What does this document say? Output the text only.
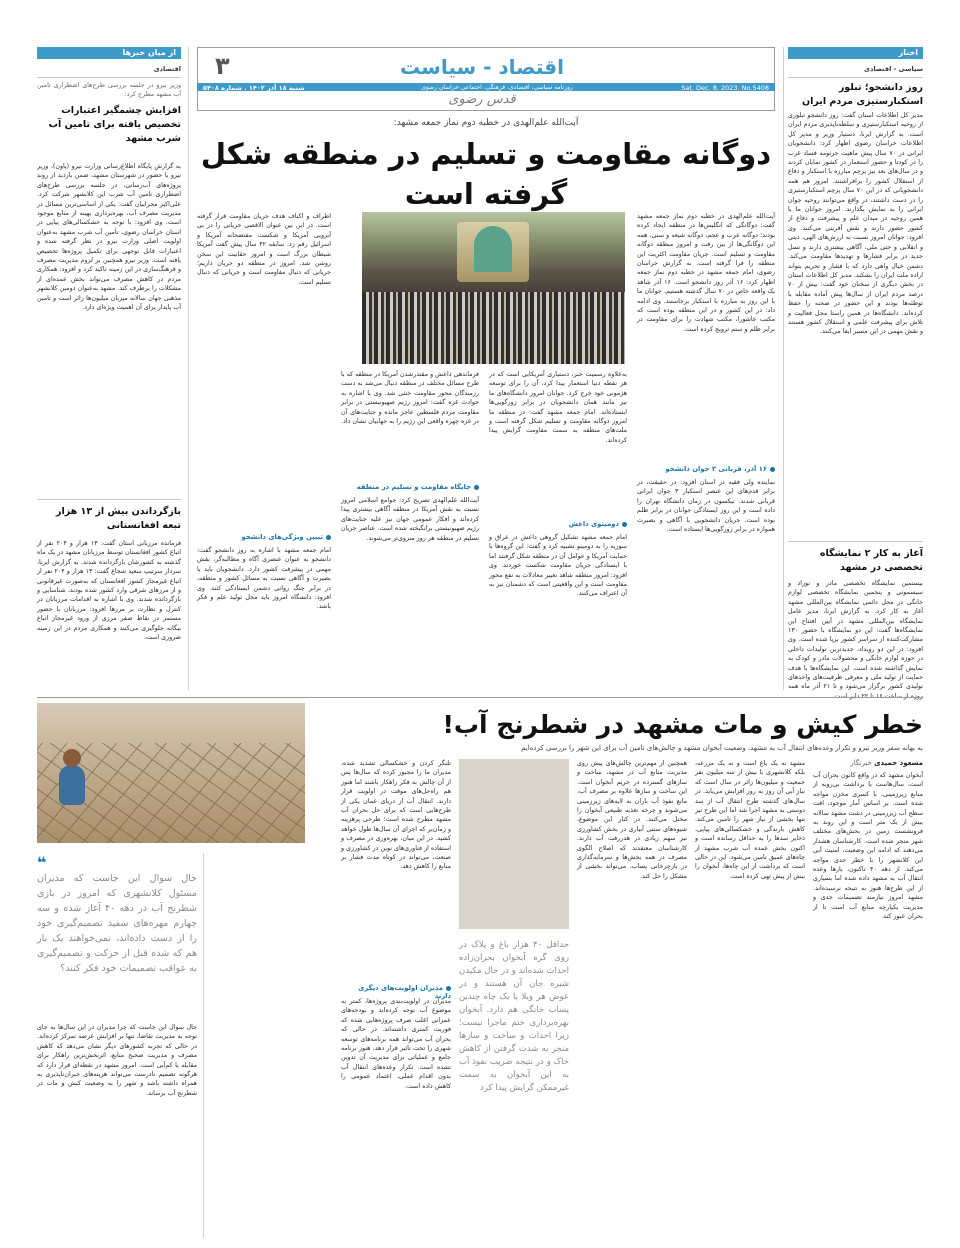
۳	اقتصاد - سیاست
شنبه ۱۸ آذر ۱۴۰۲ . شماره ۵۴۰۸	روزنامه سیاسی، اقتصادی، فرهنگی، اجتماعی خراسان رضوی	Sat. Dec. 8. 2023. No.5408
قدس رضوی
اخبار
سیاسی - اقتصادی
روز دانشجو؛ تبلور استکبارستیزی مردم ایران
مدیر کل اطلاعات استان گفت: روز دانشجو تبلوری از روحیه استکبارستیزی و سلطه‌ناپذیری مردم ایران است. به گزارش ایرنا، دستیار وزیر و مدیر کل اطلاعات خراسان رضوی اظهار کرد: دانشجویان ایرانی در ۷۰ سال پیش ماهیت جرثومه فساد غرب را در کودتا و حضور استعمار در کشور نمایان کردند و در سال‌های بعد نیز پرچم مبارزه با استکبار و دفاع از استقلال کشور را برافراشتند. امروز هم همه دانشجویانی که در این ۷۰ سال پرچم استکبارستیزی را در دست داشتند، در واقع می‌توانند روحیه جوان ایرانی را به نمایش بگذارند. امروز جوانان ما با همین روحیه در میدان علم و پیشرفت و دفاع از کشور حضور دارند و نقش آفرینی می‌کنند. وی افزود: جوانان امروز نسبت به ارزش‌های الهی، دینی و انقلابی و حتی ملی، آگاهی بیشتری دارند و نسل جدید در برابر فشارها و تهدیدها مقاومت می‌کند. دشمن خیال واهی دارد که با فشار و تحریم بتواند اراده ملت ایران را بشکند. مدیر کل اطلاعات استان در بخش دیگری از سخنان خود گفت: بیش از ۷۰ درصد مردم ایران از سال‌ها پیش آماده مقابله با توطئه‌ها بودند و این حضور در صحنه را حفظ کرده‌اند. دانشگاه‌ها در همین راستا محل فعالیت و تلاش برای پیشرفت علمی و استقلال کشور هستند و نقش مهمی در این مسیر ایفا می‌کنند.
آغاز به کار ۲ نمایشگاه تخصصی در مشهد
بیستمین نمایشگاه تخصصی مادر و نوزاد و سیسمونی و پنجمین نمایشگاه تخصصی لوازم خانگی در محل دائمی نمایشگاه بین‌المللی مشهد آغاز به کار کرد. به گزارش ایرنا، مدیر عامل نمایشگاه بین‌المللی مشهد در آیین افتتاح این نمایشگاه‌ها گفت: این دو نمایشگاه با حضور ۱۳۰ مشارکت‌کننده از سراسر کشور برپا شده است. وی افزود: در این دو رویداد، جدیدترین تولیدات داخلی در حوزه لوازم خانگی و محصولات مادر و کودک به نمایش گذاشته شده است. این نمایشگاه‌ها با هدف حمایت از تولید ملی و معرفی ظرفیت‌های واحدهای تولیدی کشور برگزار می‌شود و تا ۲۱ آذر ماه همه
از میان خبرها
اقتصادی
وزیر نیرو در جلسه بررسی طرح‌های اضطراری تامین آب مشهد مطرح کرد:
افزایش چشمگیر اعتبارات تخصیص یافته برای تامین آب شرب مشهد
به گزارش پایگاه اطلاع‌رسانی وزارت نیرو (پاون)، وزیر نیرو با حضور در شهرستان مشهد، ضمن بازدید از روند پروژه‌های آب‌رسانی، در جلسه بررسی طرح‌های اضطراری تامین آب شرب این کلانشهر شرکت کرد. علی‌اکبر محرابیان گفت: یکی از اساسی‌ترین مسائل در مدیریت مصرف آب، بهره‌برداری بهینه از منابع موجود است. وی افزود: با توجه به خشکسالی‌های پیاپی در استان خراسان رضوی، تأمین آب شرب مشهد به‌عنوان اولویت اصلی وزارت نیرو در نظر گرفته شده و اعتبارات قابل توجهی برای تکمیل پروژه‌ها تخصیص یافته است. وزیر نیرو همچنین بر لزوم مدیریت مصرف و فرهنگ‌سازی در این زمینه تاکید کرد و افزود: همکاری مردم در کاهش مصرف می‌تواند بخش عمده‌ای از مشکلات را برطرف کند. مشهد به‌عنوان دومین کلانشهر مذهبی جهان سالانه میزبان میلیون‌ها زائر است و تامین آب پایدار برای آن اهمیت ویژه‌ای دارد.
بازگرداندن بیش از ۱۳ هزار تبعه افغانستانی
فرمانده مرزبانی استان گفت: ۱۳ هزار و ۲۰۴ نفر از اتباع کشور افغانستان توسط مرزبانان مشهد در یک ماه گذشته به کشورشان بازگردانده شدند. به گزارش ایرنا، سردار سرتیپ سعید شجاع گفت: ۱۳ هزار و ۲۰۴ نفر از اتباع غیرمجاز کشور افغانستان که به‌صورت غیرقانونی و از مرزهای شرقی وارد کشور شده بودند، شناسایی و بازگردانده شدند. وی با اشاره به اقدامات مرزبانان در کنترل و نظارت بر مرزها افزود: مرزبانان با حضور مستمر در نقاط صفر مرزی از ورود غیرمجاز اتباع بیگانه جلوگیری می‌کنند و همکاری مردم در این زمینه ضروری است.
آیت‌الله علم‌الهدی در خطبه دوم نماز جمعه مشهد:
دوگانه مقاومت و تسلیم در منطقه شکل گرفته است
آیت‌الله علم‌الهدی در خطبه دوم نماز جمعه مشهد گفت: دوگانگی که انگلیس‌ها در منطقه ایجاد کرده بودند؛ دوگانه عرب و عجم، دوگانه شیعه و سنی، همه این دوگانگی‌ها از بین رفت و امروز منطقه دوگانه مقاومت و تسلیم است. جریان مقاومت اکثریت این منطقه را فرا گرفته است. به گزارش خراسان رضوی، امام جمعه مشهد در خطبه دوم نماز جمعه اظهار کرد: ۱۶ آذر روز دانشجو است. ۱۶ آذر شاهد یک واقعه خاص در ۷۰ سال گذشته هستیم، جوانان ما با این روز به مبارزه با استکبار برخاستند. وی ادامه داد: در این کشور و در این منطقه بوده است که مکتب عاشورا، مکتب شهادت را برای مقاومت در برابر ظلم و ستم ترویج کرده است.
۱۶ آذر، قربانی ۳ جوان دانشجو
نماینده ولی فقیه در استان افزود: در حقیقت، در برابر قدم‌های این عنصر استکبار ۳ جوان ایرانی قربانی شدند. نیکسون در زمان دانشگاه تهران را داده است و این روز ایستادگی جوانان در برابر ظلم بوده است. جریان دانشجویی با آگاهی و بصیرت همواره در برابر زورگویی‌ها ایستاده است.
به‌علاوه رسمیت خبر، دستیاری آمریکایی است که در هر نقطه دنیا استعمار پیدا کرد، آن را برای توسعه هژمونی خود خرج کرد. جوانان امروز دانشگاه‌های ما نیز مانند همان دانشجویان در برابر زورگویی‌ها ایستاده‌اند. امام جمعه مشهد گفت: در منطقه ما امروز دوگانه مقاومت و تسلیم شکل گرفته است و ملت‌های منطقه به سمت مقاومت گرایش پیدا کرده‌اند.
دومینوی داعش
امام جمعه مشهد تشکیل گروهی داعش در عراق و سوریه را به دومینو تشبیه کرد و گفت: این گروه‌ها با حمایت آمریکا و عوامل آن در منطقه شکل گرفتند اما با ایستادگی جریان مقاومت شکست خوردند. وی افزود: امروز منطقه شاهد تغییر معادلات به نفع محور مقاومت است و این واقعیتی است که دشمنان نیز به آن اعتراف می‌کنند.
فرماندهی داعش و مقتدرشدن آمریکا در منطقه که با طرح مسائل مختلف در منطقه دنبال می‌شد به دست رزمندگان محور مقاومت خنثی شد. وی با اشاره به حوادث غزه گفت: امروز رژیم صهیونیستی در برابر مقاومت مردم فلسطین عاجز مانده و جنایت‌های آن در غزه چهره واقعی این رژیم را به جهانیان نشان داد.
جایگاه مقاومت و تسلیم در منطقه
آیت‌الله علم‌الهدی تصریح کرد: جوامع اسلامی امروز نسبت به نقش آمریکا در منطقه آگاهی بیشتری پیدا کرده‌اند و افکار عمومی جهان نیز علیه جنایت‌های رژیم صهیونیستی برانگیخته شده است. عناصر جریان تسلیم در منطقه هر روز منزوی‌تر می‌شوند.
اطراف و اکناف هدف جریان مقاومت قرار گرفته است. در این بین عنوان الاقصی جریانی را در بی آبرویی آمریکا و شکست مفتضحانه آمریکا و اسرائیل رقم زد. سابقه ۴۲ سال پیش گفت آمریکا شیطان بزرگ است و امروز حقانیت این سخن روشن شد. امروز در منطقه دو جریان داریم؛ جریانی که دنبال مقاومت است و جریانی که دنبال تسلیم است.
تبیین ویژگی‌های دانشجو
امام جمعه مشهد با اشاره به روز دانشجو گفت: دانشجو به عنوان عنصری آگاه و مطالبه‌گر، نقش مهمی در پیشرفت کشور دارد. دانشجویان باید با بصیرت و آگاهی نسبت به مسائل کشور و منطقه، در برابر جنگ روانی دشمن ایستادگی کنند. وی افزود: دانشگاه امروز باید محل تولید علم و فکر باشد.
خطر کیش و مات مشهد در شطرنج آب!
به بهانه سفر وزیر نیرو و تکرار وعده‌های انتقال آب به مشهد، وضعیت آبخوان مشهد و چالش‌های تامین آب برای این شهر را بررسی کرده‌ایم
مسعود حمیدی خبرنگار
آبخوان مشهد که در واقع کانون بحران آب است، سال‌هاست با برداشت بی‌رویه از منابع زیرزمینی، با کسری مخزن مواجه شده است. بر اساس آمار موجود، افت سطح آب زیرزمینی در دشت مشهد سالانه بیش از یک متر است و این روند به فرونشست زمین در بخش‌های مختلف شهر منجر شده است. کارشناسان هشدار می‌دهند که ادامه این وضعیت، امنیت آبی این کلانشهر را با خطر جدی مواجه می‌کند. از دهه ۴۰ تاکنون، بارها وعده انتقال آب به مشهد داده شده اما بسیاری از این طرح‌ها هنوز به نتیجه نرسیده‌اند. مشهد امروز نیازمند تصمیمات جدی و مدیریت یکپارچه منابع آب است تا از بحران عبور کند.
مشهد نه یک باغ است و نه یک مزرعه، بلکه کلانشهری با بیش از سه میلیون نفر جمعیت و میلیون‌ها زائر در سال است که نیاز آبی آن روز به روز افزایش می‌یابد. در سال‌های گذشته طرح انتقال آب از سد دوستی به مشهد اجرا شد اما این طرح نیز تنها بخشی از نیاز شهر را تامین می‌کند. کاهش بارندگی و خشکسالی‌های پیاپی، ذخایر سدها را به حداقل رسانده است و اکنون بخش عمده آب شرب مشهد از چاه‌های عمیق تامین می‌شود. این در حالی است که برداشت از این چاه‌ها، آبخوان را بیش از پیش تهی کرده است.
همچنین از مهم‌ترین چالش‌های پیش روی مدیریت منابع آب در مشهد، ساخت و سازهای گسترده در حریم آبخوان است. این ساخت و سازها علاوه بر مصرف آب، مانع نفوذ آب باران به لایه‌های زیرزمینی می‌شوند و چرخه تغذیه طبیعی آبخوان را مختل می‌کنند. در کنار این موضوع، شیوه‌های سنتی آبیاری در بخش کشاورزی نیز سهم زیادی در هدررفت آب دارند. کارشناسان معتقدند که اصلاح الگوی مصرف در همه بخش‌ها و سرمایه‌گذاری در بازچرخانی پساب، می‌تواند بخشی از مشکل را حل کند.
تلنگر کردن و خشکسالی تشدید شده، مدیران ما را مجبور کرده که سال‌ها پس از آن چالش به فکر راهکار باشند اما هنوز هم راه‌حل‌های موقت در اولویت قرار دارند. انتقال آب از دریای عمان یکی از طرح‌هایی است که برای حل بحران آب مشهد مطرح شده است؛ طرحی پرهزینه و زمان‌بر که اجرای آن سال‌ها طول خواهد کشید. در این میان، بهره‌وری در مصرف و استفاده از فناوری‌های نوین در کشاورزی و صنعت، می‌تواند در کوتاه مدت فشار بر منابع را کاهش دهد.
مدیران در اولویت‌بندی پروژه‌ها، کمتر به موضوع آب توجه کرده‌اند و بودجه‌های عمرانی اغلب صرف پروژه‌هایی شده که فوریت کمتری داشته‌اند. در حالی که بحران آب می‌تواند همه برنامه‌های توسعه شهری را تحت تاثیر قرار دهد، هنوز برنامه جامع و عملیاتی برای مدیریت آن تدوین نشده است. تکرار وعده‌های انتقال آب بدون اقدام عملی، اعتماد عمومی را کاهش داده است.
مدیران اولویت‌های دیگری دارند
حداقل ۴۰ هزار باغ و پلاک در روی گره آبخوان بحران‌زاده احداث شده‌اند و در حال مکیدن شیره جان آن هستند و در عوض هر ویلا یا یک چاه چندین پساب خانگی هم دارد. آبخوان بهره‌برداری ختم ماجرا نیست؛ زیرا احداث و ساخت و سازها منجر به شدت گرفتن از کاهش خاک و در نتیجه ضریب نفوذ آب به این آبخوان به سمت غیرممکن گرایش پیدا کرد
❝
حال سوال این جاست که مدیران مسئول کلانشهری که امروز در بازی شطرنج آب در دهه ۴۰ آغاز شده و سه چهارم مهره‌های سفید تصمیم‌گیری خود را از دست داده‌اند، نمی‌خواهند یک بار هم که شده قبل از حرکت و تصمیم‌گیری به عواقب تصمیمات خود فکر کنند؟
حال سوال این جاست که چرا مدیران در این سال‌ها به جای توجه به مدیریت تقاضا، تنها بر افزایش عرضه تمرکز کرده‌اند. در حالی که تجربه کشورهای دیگر نشان می‌دهد که کاهش مصرف و مدیریت صحیح منابع، اثربخش‌ترین راهکار برای مقابله با کم‌آبی است. امروز مشهد در نقطه‌ای قرار دارد که هرگونه تصمیم نادرست می‌تواند هزینه‌های جبران‌ناپذیری به همراه داشته باشد و شهر را به وضعیت کیش و مات در شطرنج آب برساند.
